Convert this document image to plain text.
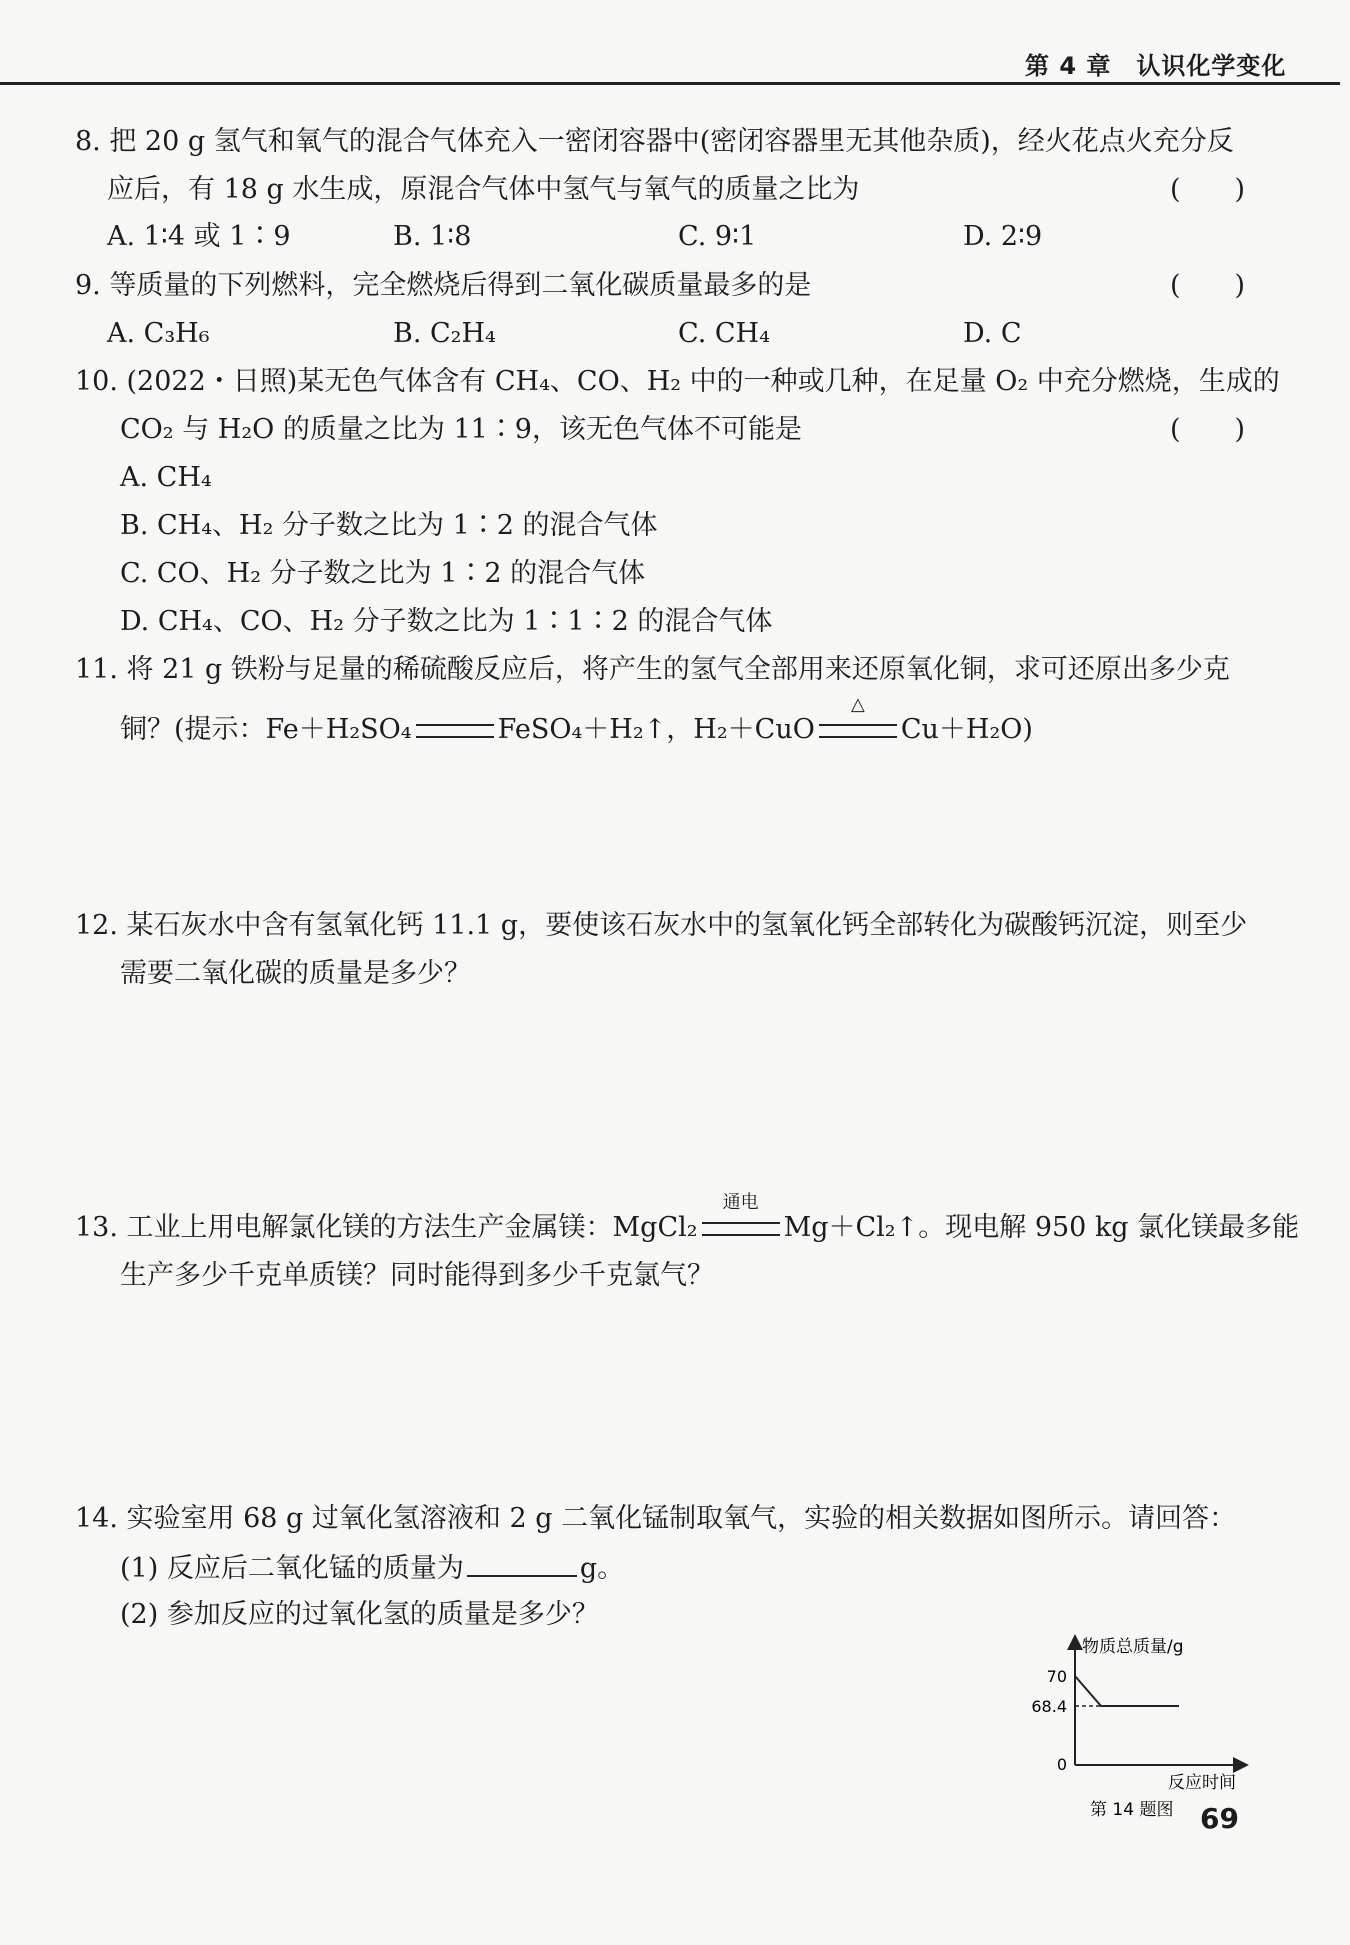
第 4 章　认识化学变化
8. 把 20 g 氢气和氧气的混合气体充入一密闭容器中(密闭容器里无其他杂质)，经火花点火充分反
应后，有 18 g 水生成，原混合气体中氢气与氧气的质量之比为	(　　)
A. 1∶4 或 1∶9	B. 1∶8	C. 9∶1	D. 2∶9
9. 等质量的下列燃料，完全燃烧后得到二氧化碳质量最多的是	(　　)
A. C₃H₆	B. C₂H₄	C. CH₄	D. C
10. (2022・日照)某无色气体含有 CH₄、CO、H₂ 中的一种或几种，在足量 O₂ 中充分燃烧，生成的
CO₂ 与 H₂O 的质量之比为 11∶9，该无色气体不可能是	(　　)
A. CH₄
B. CH₄、H₂ 分子数之比为 1∶2 的混合气体
C. CO、H₂ 分子数之比为 1∶2 的混合气体
D. CH₄、CO、H₂ 分子数之比为 1∶1∶2 的混合气体
11. 将 21 g 铁粉与足量的稀硫酸反应后，将产生的氢气全部用来还原氧化铜，求可还原出多少克
铜？(提示：Fe＋H₂SO₄	FeSO₄＋H₂↑，H₂＋CuO
△
Cu＋H₂O)
12. 某石灰水中含有氢氧化钙 11.1 g，要使该石灰水中的氢氧化钙全部转化为碳酸钙沉淀，则至少
需要二氧化碳的质量是多少？
13. 工业上用电解氯化镁的方法生产金属镁：MgCl₂
通电
Mg＋Cl₂↑。现电解 950 kg 氯化镁最多能
生产多少千克单质镁？同时能得到多少千克氯气？
14. 实验室用 68 g 过氧化氢溶液和 2 g 二氧化锰制取氧气，实验的相关数据如图所示。请回答：
(1) 反应后二氧化锰的质量为	g。
(2) 参加反应的过氧化氢的质量是多少？
物质总质量/g
反应时间
70
68.4
0
第 14 题图 69
